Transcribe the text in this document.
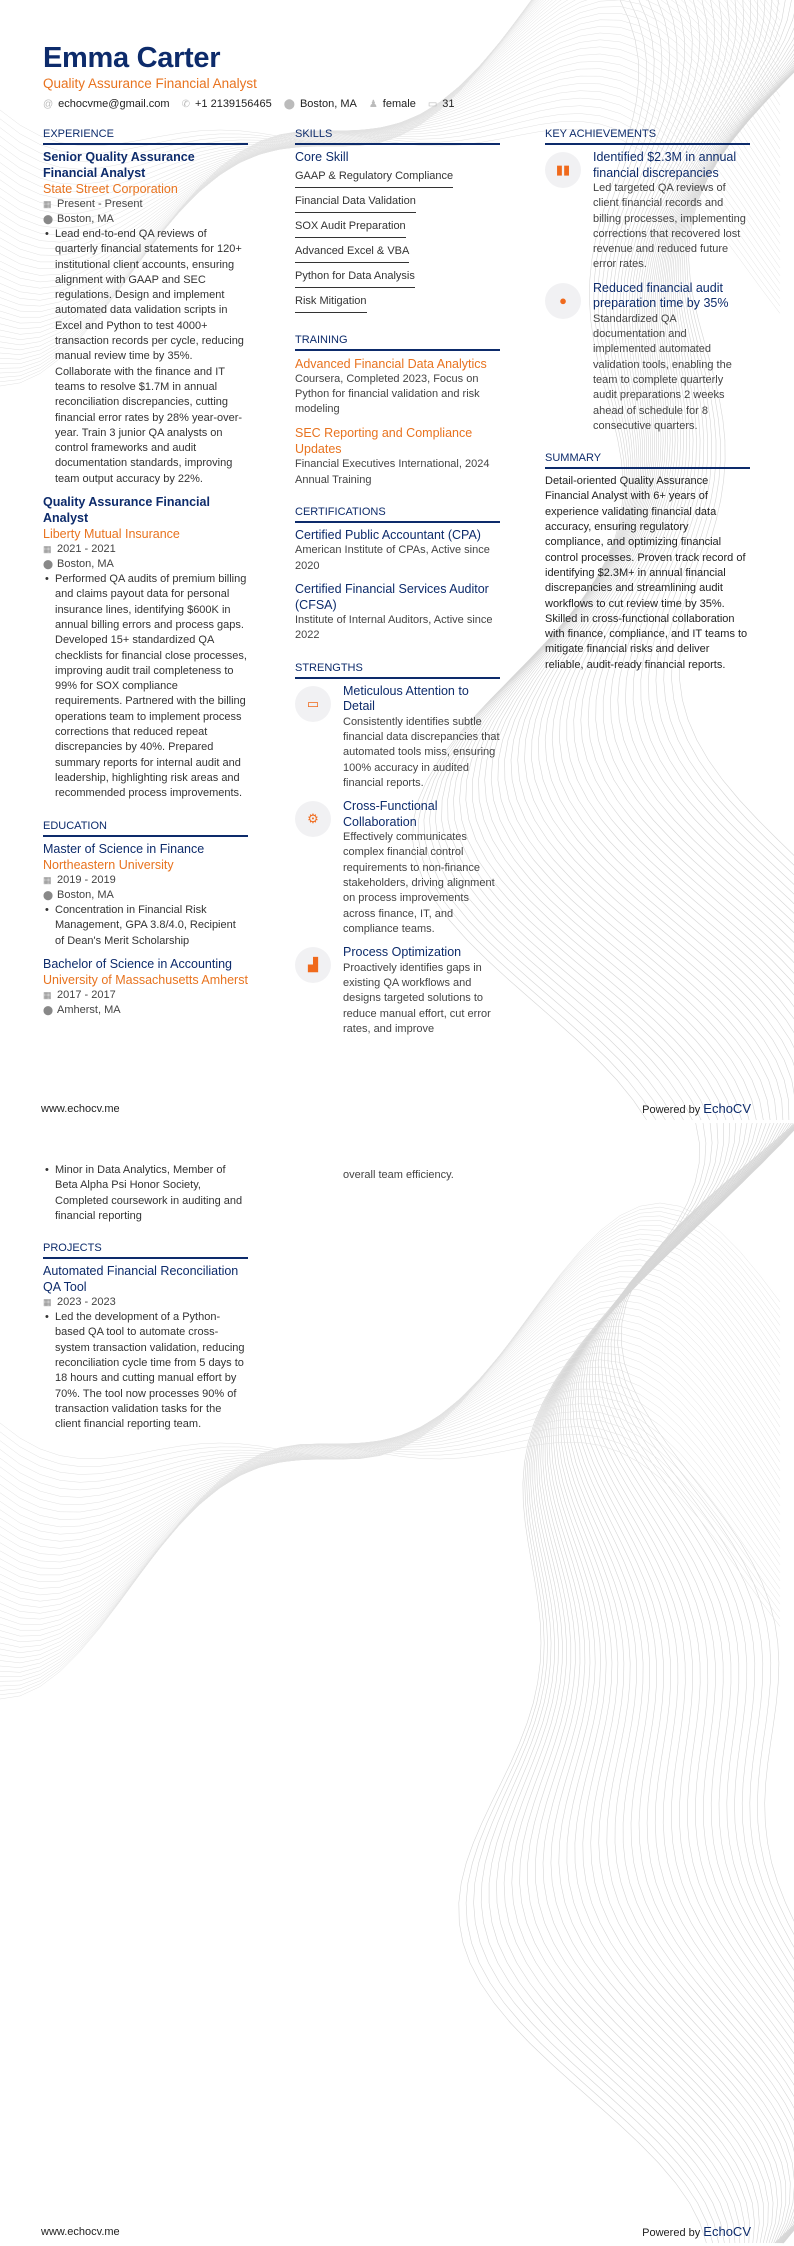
Emma Carter
Quality Assurance Financial Analyst
@ echocvme@gmail.com ✆ +1 2139156465 ⬤ Boston, MA ♟ female ▭ 31
EXPERIENCE
Senior Quality Assurance Financial Analyst
State Street Corporation
▦ Present - Present
⬤ Boston, MA
• Lead end-to-end QA reviews of quarterly financial statements for 120+ institutional client accounts, ensuring alignment with GAAP and SEC regulations. Design and implement automated data validation scripts in Excel and Python to test 4000+ transaction records per cycle, reducing manual review time by 35%. Collaborate with the finance and IT teams to resolve $1.7M in annual reconciliation discrepancies, cutting financial error rates by 28% year-over-year. Train 3 junior QA analysts on control frameworks and audit documentation standards, improving team output accuracy by 22%.
Quality Assurance Financial Analyst
Liberty Mutual Insurance
▦ 2021 - 2021
⬤ Boston, MA
• Performed QA audits of premium billing and claims payout data for personal insurance lines, identifying $600K in annual billing errors and process gaps. Developed 15+ standardized QA checklists for financial close processes, improving audit trail completeness to 99% for SOX compliance requirements. Partnered with the billing operations team to implement process corrections that reduced repeat discrepancies by 40%. Prepared summary reports for internal audit and leadership, highlighting risk areas and recommended process improvements.
EDUCATION
Master of Science in Finance
Northeastern University
▦ 2019 - 2019
⬤ Boston, MA
• Concentration in Financial Risk Management, GPA 3.8/4.0, Recipient of Dean's Merit Scholarship
Bachelor of Science in Accounting
University of Massachusetts Amherst
▦ 2017 - 2017
⬤ Amherst, MA
SKILLS
Core Skill
GAAP & Regulatory Compliance
Financial Data Validation
SOX Audit Preparation
Advanced Excel & VBA
Python for Data Analysis
Risk Mitigation
TRAINING
Advanced Financial Data Analytics
Coursera, Completed 2023, Focus on Python for financial validation and risk modeling
SEC Reporting and Compliance Updates
Financial Executives International, 2024 Annual Training
CERTIFICATIONS
Certified Public Accountant (CPA)
American Institute of CPAs, Active since 2020
Certified Financial Services Auditor (CFSA)
Institute of Internal Auditors, Active since 2022
STRENGTHS
▭
Meticulous Attention to Detail
Consistently identifies subtle financial data discrepancies that automated tools miss, ensuring 100% accuracy in audited financial reports.
⚙
Cross-Functional Collaboration
Effectively communicates complex financial control requirements to non-finance stakeholders, driving alignment on process improvements across finance, IT, and compliance teams.
▟
Process Optimization
Proactively identifies gaps in existing QA workflows and designs targeted solutions to reduce manual effort, cut error rates, and improve
KEY ACHIEVEMENTS
▮▮
Identified $2.3M in annual financial discrepancies
Led targeted QA reviews of client financial records and billing processes, implementing corrections that recovered lost revenue and reduced future error rates.
●
Reduced financial audit preparation time by 35%
Standardized QA documentation and implemented automated validation tools, enabling the team to complete quarterly audit preparations 2 weeks ahead of schedule for 8 consecutive quarters.
SUMMARY
Detail-oriented Quality Assurance Financial Analyst with 6+ years of experience validating financial data accuracy, ensuring regulatory compliance, and optimizing financial control processes. Proven track record of identifying $2.3M+ in annual financial discrepancies and streamlining audit workflows to cut review time by 35%. Skilled in cross-functional collaboration with finance, compliance, and IT teams to mitigate financial risks and deliver reliable, audit-ready financial reports.
www.echocv.me	Powered by EchoCV
• Minor in Data Analytics, Member of Beta Alpha Psi Honor Society, Completed coursework in auditing and financial reporting
PROJECTS
Automated Financial Reconciliation QA Tool
▦ 2023 - 2023
• Led the development of a Python-based QA tool to automate cross-system transaction validation, reducing reconciliation cycle time from 5 days to 18 hours and cutting manual effort by 70%. The tool now processes 90% of transaction validation tasks for the client financial reporting team.
overall team efficiency.
www.echocv.me	Powered by EchoCV
